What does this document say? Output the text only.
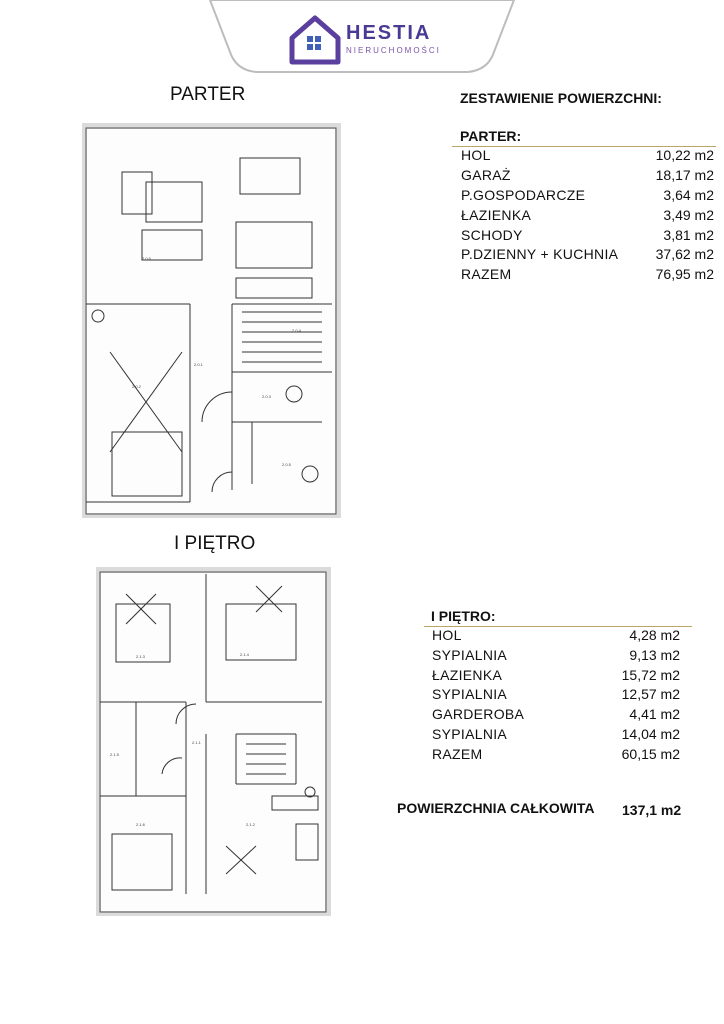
HESTIA
NIERUCHOMOŚCI
PARTER
I PIĘTRO
2.0.1
2.0.2
2.0.3
2.0.4
2.0.5
2.0.6
2.1.3	2.1.4
2.1.5
2.1.1
2.1.6	2.1.2
ZESTAWIENIE POWIERZCHNI:
PARTER:
HOL	10,22 m2
GARAŻ	18,17 m2
P.GOSPODARCZE	3,64 m2
ŁAZIENKA	3,49 m2
SCHODY	3,81 m2
P.DZIENNY + KUCHNIA	37,62 m2
RAZEM	76,95 m2
I PIĘTRO:
HOL	4,28 m2
SYPIALNIA	9,13 m2
ŁAZIENKA	15,72 m2
SYPIALNIA	12,57 m2
GARDEROBA	4,41 m2
SYPIALNIA	14,04 m2
RAZEM	60,15 m2
POWIERZCHNIA CAŁKOWITA 137,1 m2
